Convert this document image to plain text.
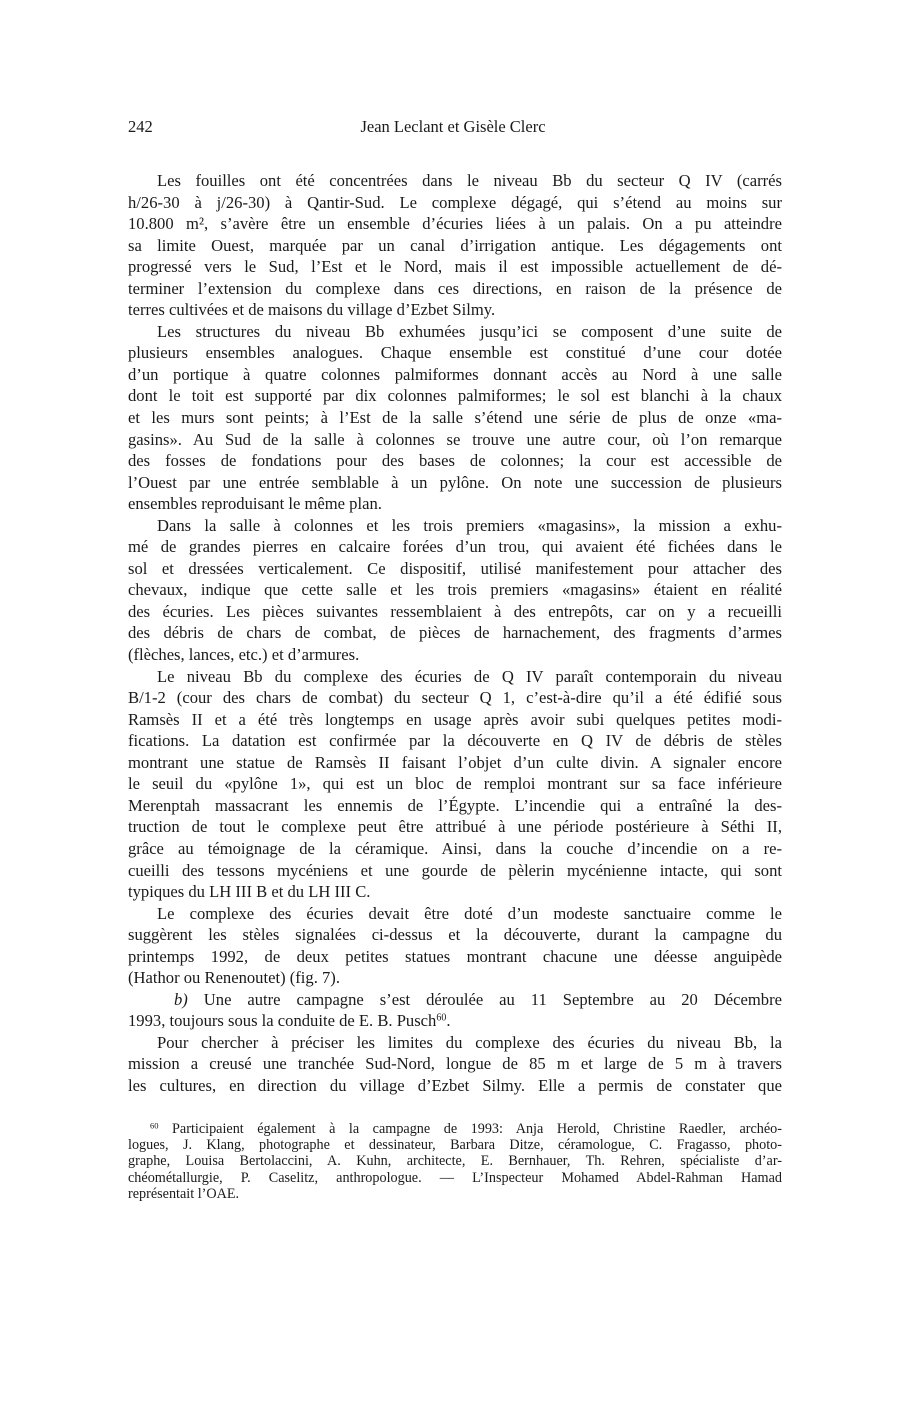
242	Jean Leclant et Gisèle Clerc
Les fouilles ont été concentrées dans le niveau Bb du secteur Q IV (carrés
h/26-30 à j/26-30) à Qantir-Sud. Le complexe dégagé, qui s’étend au moins sur
10.800 m², s’avère être un ensemble d’écuries liées à un palais. On a pu atteindre
sa limite Ouest, marquée par un canal d’irrigation antique. Les dégagements ont
progressé vers le Sud, l’Est et le Nord, mais il est impossible actuellement de dé-
terminer l’extension du complexe dans ces directions, en raison de la présence de
terres cultivées et de maisons du village d’Ezbet Silmy.
Les structures du niveau Bb exhumées jusqu’ici se composent d’une suite de
plusieurs ensembles analogues. Chaque ensemble est constitué d’une cour dotée
d’un portique à quatre colonnes palmiformes donnant accès au Nord à une salle
dont le toit est supporté par dix colonnes palmiformes; le sol est blanchi à la chaux
et les murs sont peints; à l’Est de la salle s’étend une série de plus de onze «ma-
gasins». Au Sud de la salle à colonnes se trouve une autre cour, où l’on remarque
des fosses de fondations pour des bases de colonnes; la cour est accessible de
l’Ouest par une entrée semblable à un pylône. On note une succession de plusieurs
ensembles reproduisant le même plan.
Dans la salle à colonnes et les trois premiers «magasins», la mission a exhu-
mé de grandes pierres en calcaire forées d’un trou, qui avaient été fichées dans le
sol et dressées verticalement. Ce dispositif, utilisé manifestement pour attacher des
chevaux, indique que cette salle et les trois premiers «magasins» étaient en réalité
des écuries. Les pièces suivantes ressemblaient à des entrepôts, car on y a recueilli
des débris de chars de combat, de pièces de harnachement, des fragments d’armes
(flèches, lances, etc.) et d’armures.
Le niveau Bb du complexe des écuries de Q IV paraît contemporain du niveau
B/1-2 (cour des chars de combat) du secteur Q 1, c’est-à-dire qu’il a été édifié sous
Ramsès II et a été très longtemps en usage après avoir subi quelques petites modi-
fications. La datation est confirmée par la découverte en Q IV de débris de stèles
montrant une statue de Ramsès II faisant l’objet d’un culte divin. A signaler encore
le seuil du «pylône 1», qui est un bloc de remploi montrant sur sa face inférieure
Merenptah massacrant les ennemis de l’Égypte. L’incendie qui a entraîné la des-
truction de tout le complexe peut être attribué à une période postérieure à Séthi II,
grâce au témoignage de la céramique. Ainsi, dans la couche d’incendie on a re-
cueilli des tessons mycéniens et une gourde de pèlerin mycénienne intacte, qui sont
typiques du LH III B et du LH III C.
Le complexe des écuries devait être doté d’un modeste sanctuaire comme le
suggèrent les stèles signalées ci-dessus et la découverte, durant la campagne du
printemps 1992, de deux petites statues montrant chacune une déesse anguipède
(Hathor ou Renenoutet) (fig. 7).
b) Une autre campagne s’est déroulée au 11 Septembre au 20 Décembre
1993, toujours sous la conduite de E. B. Pusch$^{60}$.
Pour chercher à préciser les limites du complexe des écuries du niveau Bb, la
mission a creusé une tranchée Sud-Nord, longue de 85 m et large de 5 m à travers
les cultures, en direction du village d’Ezbet Silmy. Elle a permis de constater que
$^{60}$ Participaient également à la campagne de 1993: Anja Herold, Christine Raedler, archéo-
logues, J. Klang, photographe et dessinateur, Barbara Ditze, céramologue, C. Fragasso, photo-
graphe, Louisa Bertolaccini, A. Kuhn, architecte, E. Bernhauer, Th. Rehren, spécialiste d’ar-
chéométallurgie, P. Caselitz, anthropologue. — L’Inspecteur Mohamed Abdel-Rahman Hamad
représentait l’OAE.
